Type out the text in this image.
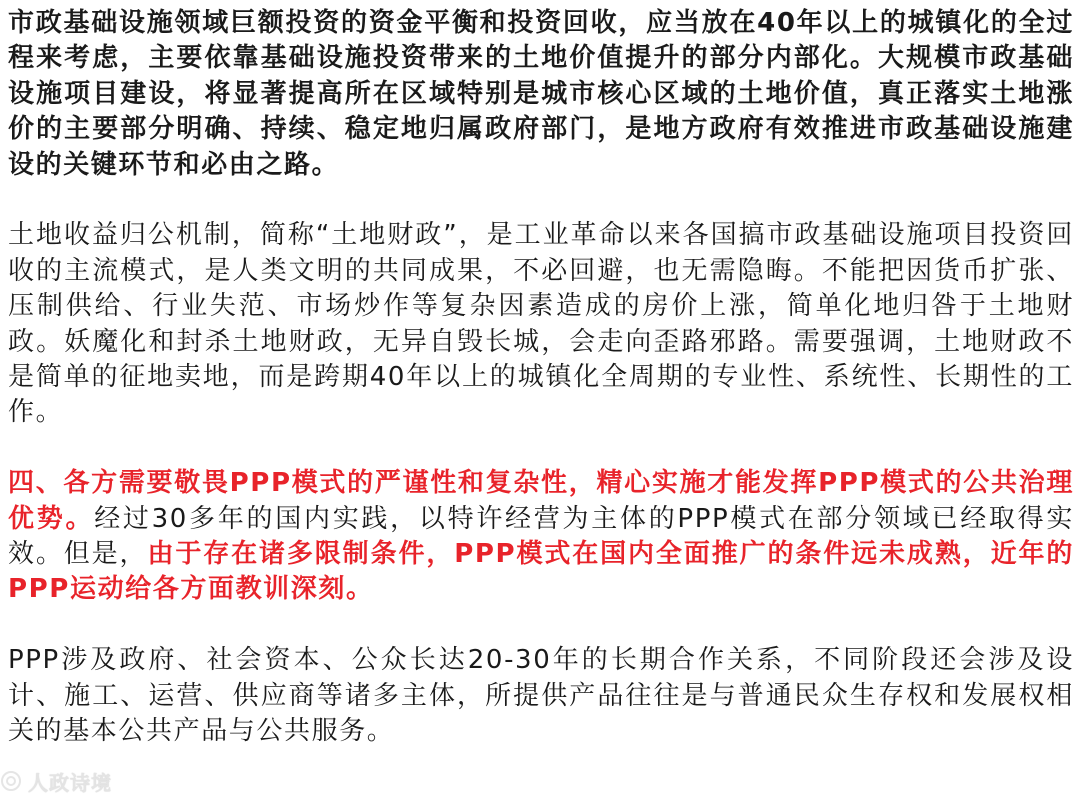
市政基础设施领域巨额投资的资金平衡和投资回收，应当放在40年以上的城镇化的全过程来考虑，主要依靠基础设施投资带来的土地价值提升的部分内部化。大规模市政基础设施项目建设，将显著提高所在区域特别是城市核心区域的土地价值，真正落实土地涨价的主要部分明确、持续、稳定地归属政府部门，是地方政府有效推进市政基础设施建设的关键环节和必由之路。

土地收益归公机制，简称“土地财政”，是工业革命以来各国搞市政基础设施项目投资回收的主流模式，是人类文明的共同成果，不必回避，也无需隐晦。不能把因货币扩张、压制供给、行业失范、市场炒作等复杂因素造成的房价上涨，简单化地归咎于土地财政。妖魔化和封杀土地财政，无异自毁长城，会走向歪路邪路。需要强调，土地财政不是简单的征地卖地，而是跨期40年以上的城镇化全周期的专业性、系统性、长期性的工作。

四、各方需要敬畏PPP模式的严谨性和复杂性，精心实施才能发挥PPP模式的公共治理优势。经过30多年的国内实践，以特许经营为主体的PPP模式在部分领域已经取得实效。但是，由于存在诸多限制条件，PPP模式在国内全面推广的条件远未成熟，近年的PPP运动给各方面教训深刻。

PPP涉及政府、社会资本、公众长达20-30年的长期合作关系，不同阶段还会涉及设计、施工、运营、供应商等诸多主体，所提供产品往往是与普通民众生存权和发展权相关的基本公共产品与公共服务。

人政诗境
